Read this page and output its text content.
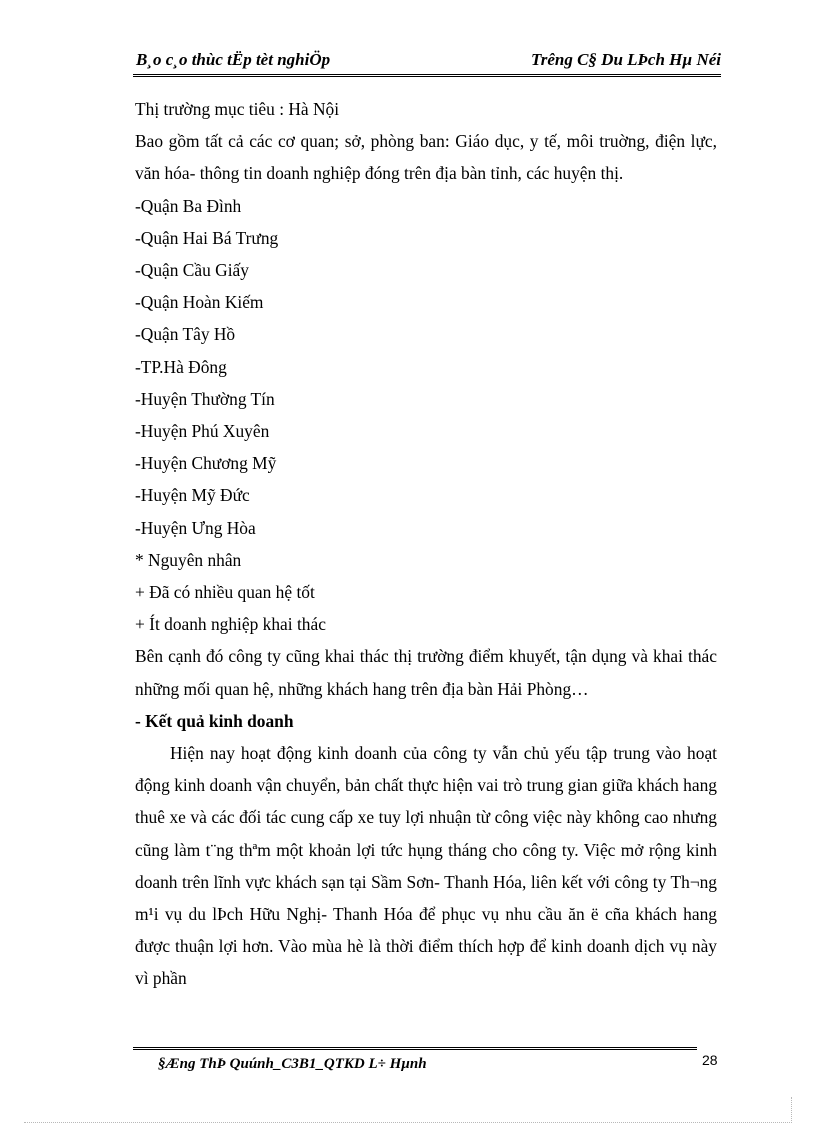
B¸o c¸o thùc tËp tèt nghiÖp	Trêng C§ Du LÞch Hµ Néi

Thị trường mục tiêu : Hà Nội

Bao gồm tất cả các cơ quan; sở, phòng ban: Giáo dục, y tế, môi truờng, điện lực, văn hóa- thông tin doanh nghiệp đóng trên địa bàn tỉnh, các huyện thị.

-Quận Ba Đình

-Quận Hai Bá Trưng

-Quận Cầu Giấy

-Quận Hoàn Kiếm

-Quận Tây Hồ

-TP.Hà Đông

-Huyện Thường Tín

-Huyện Phú Xuyên

-Huyện Chương Mỹ

-Huyện Mỹ Đức

-Huyện Ưng Hòa

* Nguyên nhân

+ Đã có nhiều quan hệ tốt

+ Ít doanh nghiệp khai thác

Bên cạnh đó công ty cũng khai thác thị trường điểm khuyết, tận dụng và khai thác những mối quan hệ, những khách hang trên địa bàn Hải Phòng…

- Kết quả kinh doanh

Hiện nay hoạt động kinh doanh của công ty vẫn chủ yếu tập trung vào hoạt động kinh doanh vận chuyển, bản chất thực hiện vai trò trung gian giữa khách hang thuê xe và các đối tác cung cấp xe tuy lợi nhuận từ công việc này không cao nhưng cũng làm t¨ng thªm một khoản lợi tức hụng tháng cho công ty. Việc mở rộng kinh doanh trên lĩnh vực khách sạn tại Sầm Sơn- Thanh Hóa, liên kết với công ty Th¬ng m¹i vụ du lÞch Hữu Nghị- Thanh Hóa để phục vụ nhu cầu ăn ë cña khách hang được thuận lợi hơn. Vào mùa hè là thời điểm thích hợp để kinh doanh dịch vụ này vì phần

§Æng ThÞ Quúnh_C3B1_QTKD L÷ Hµnh	28
